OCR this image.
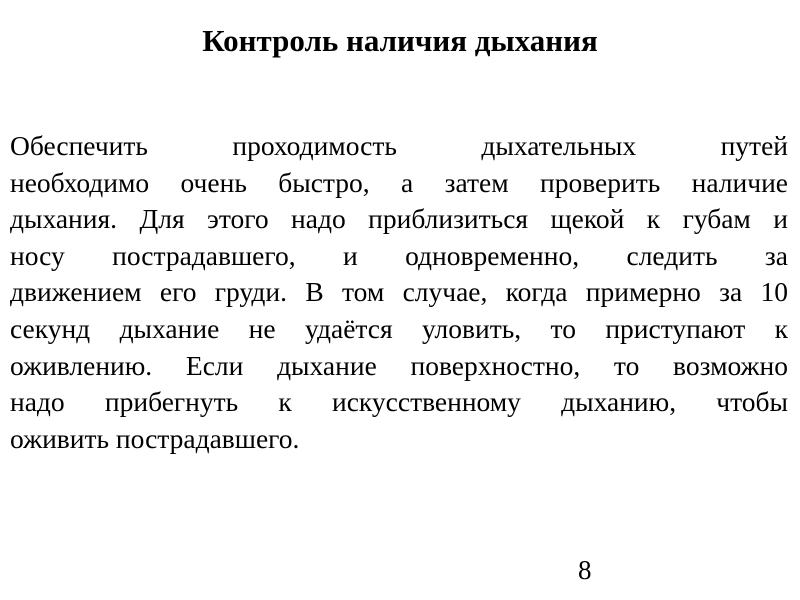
Контроль наличия дыхания
Обеспечить проходимость дыхательных путей
необходимо очень быстро, а затем проверить наличие
дыхания. Для этого надо приблизиться щекой к губам и
носу пострадавшего, и одновременно, следить за
движением его груди. В том случае, когда примерно за 10
секунд дыхание не удаётся уловить, то приступают к
оживлению. Если дыхание поверхностно, то возможно
надо прибегнуть к искусственному дыханию, чтобы
оживить пострадавшего.
8
